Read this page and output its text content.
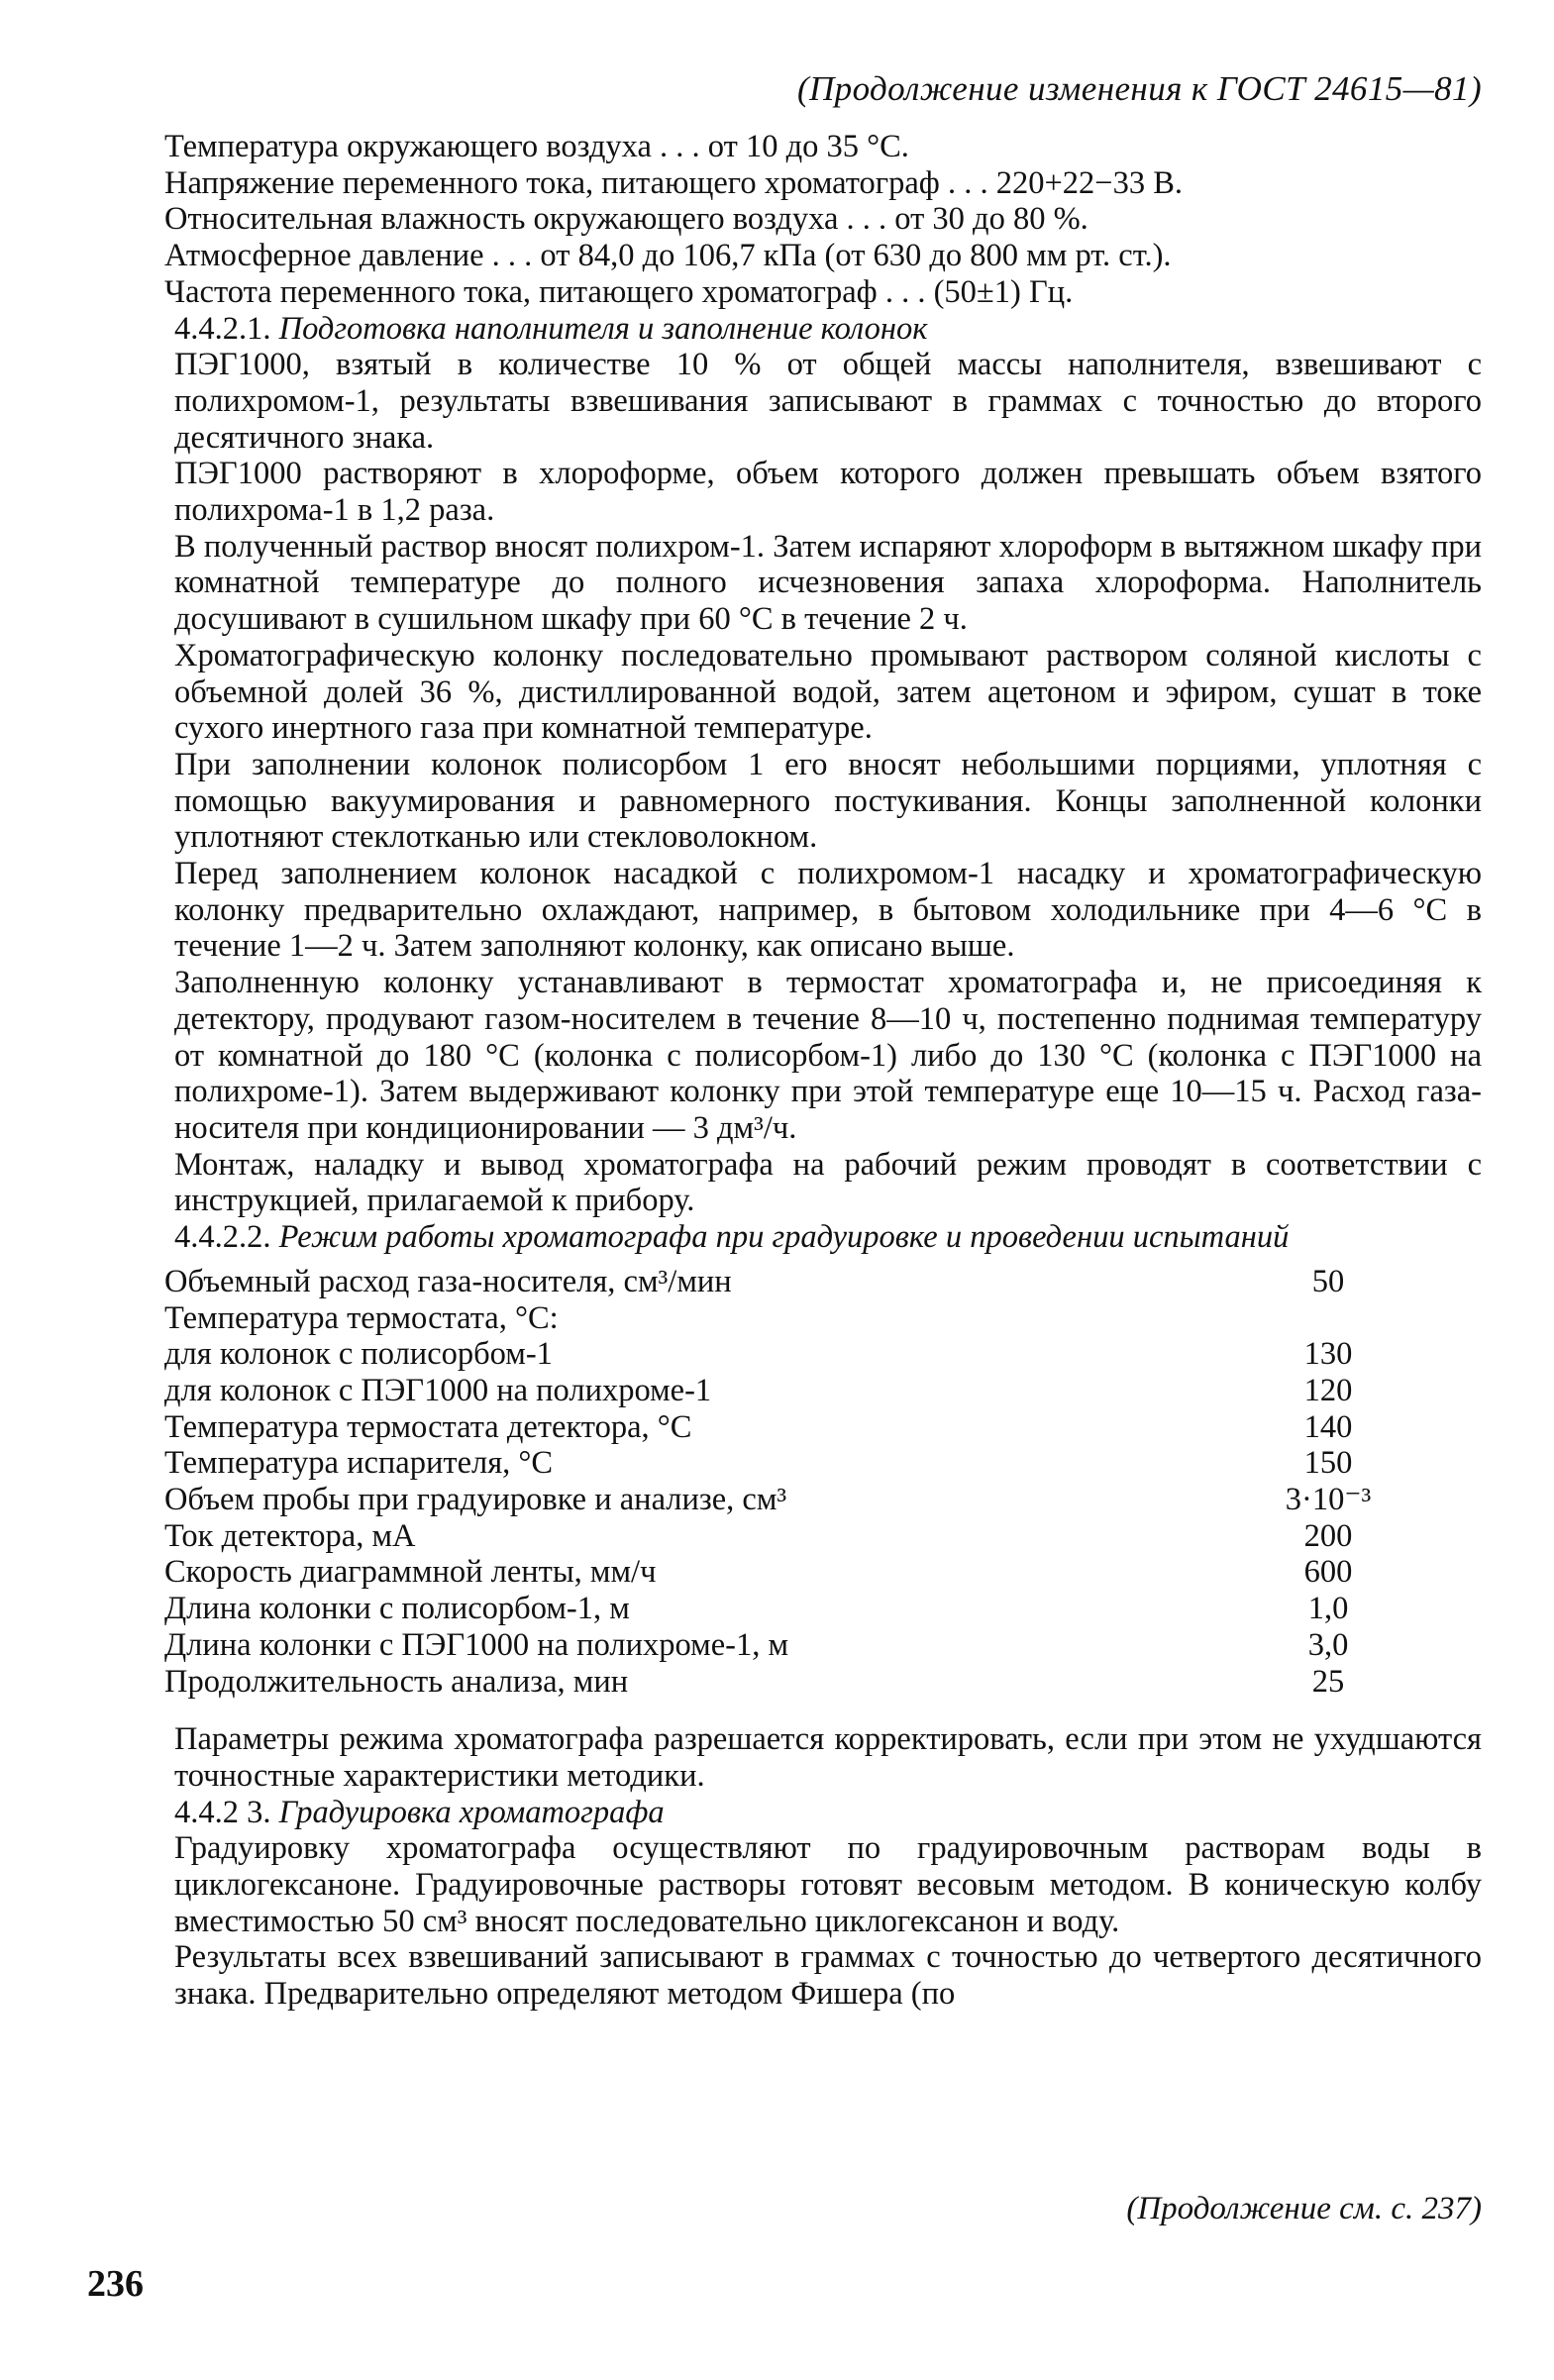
(Продолжение изменения к ГОСТ 24615—81)

Температура окружающего воздуха . . . от 10 до 35 °С.

Напряжение переменного тока, питающего хроматограф . . . 220+22−33 В.

Относительная влажность окружающего воздуха . . . от 30 до 80 %.

Атмосферное давление . . . от 84,0 до 106,7 кПа (от 630 до 800 мм рт. ст.).

Частота переменного тока, питающего хроматограф . . . (50±1) Гц.

4.4.2.1. Подготовка наполнителя и заполнение колонок

ПЭГ1000, взятый в количестве 10 % от общей массы наполнителя, взвешивают с полихромом-1, результаты взвешивания записывают в граммах с точностью до второго десятичного знака.

ПЭГ1000 растворяют в хлороформе, объем которого должен превышать объем взятого полихрома-1 в 1,2 раза.

В полученный раствор вносят полихром-1. Затем испаряют хлороформ в вытяжном шкафу при комнатной температуре до полного исчезновения запаха хлороформа. Наполнитель досушивают в сушильном шкафу при 60 °С в течение 2 ч.

Хроматографическую колонку последовательно промывают раствором соляной кислоты с объемной долей 36 %, дистиллированной водой, затем ацетоном и эфиром, сушат в токе сухого инертного газа при комнатной температуре.

При заполнении колонок полисорбом 1 его вносят небольшими порциями, уплотняя с помощью вакуумирования и равномерного постукивания. Концы заполненной колонки уплотняют стеклотканью или стекловолокном.

Перед заполнением колонок насадкой с полихромом-1 насадку и хроматографическую колонку предварительно охлаждают, например, в бытовом холодильнике при 4—6 °С в течение 1—2 ч. Затем заполняют колонку, как описано выше.

Заполненную колонку устанавливают в термостат хроматографа и, не присоединяя к детектору, продувают газом-носителем в течение 8—10 ч, постепенно поднимая температуру от комнатной до 180 °С (колонка с полисорбом-1) либо до 130 °С (колонка с ПЭГ1000 на полихроме-1). Затем выдерживают колонку при этой температуре еще 10—15 ч. Расход газа-носителя при кондиционировании — 3 дм³/ч.

Монтаж, наладку и вывод хроматографа на рабочий режим проводят в соответствии с инструкцией, прилагаемой к прибору.

4.4.2.2. Режим работы хроматографа при градуировке и проведении испытаний

Объемный расход газа-носителя, см³/мин	50
Температура термостата, °С:	
для колонок с полисорбом-1	130
для колонок с ПЭГ1000 на полихроме-1	120
Температура термостата детектора, °С	140
Температура испарителя, °С	150
Объем пробы при градуировке и анализе, см³	3·10⁻³
Ток детектора, мА	200
Скорость диаграммной ленты, мм/ч	600
Длина колонки с полисорбом-1, м	1,0
Длина колонки с ПЭГ1000 на полихроме-1, м	3,0
Продолжительность анализа, мин	25

Параметры режима хроматографа разрешается корректировать, если при этом не ухудшаются точностные характеристики методики.

4.4.2 3. Градуировка хроматографа

Градуировку хроматографа осуществляют по градуировочным растворам воды в циклогексаноне. Градуировочные растворы готовят весовым методом. В коническую колбу вместимостью 50 см³ вносят последовательно циклогексанон и воду.

Результаты всех взвешиваний записывают в граммах с точностью до четвертого десятичного знака. Предварительно определяют методом Фишера (по

(Продолжение см. с. 237)
236
